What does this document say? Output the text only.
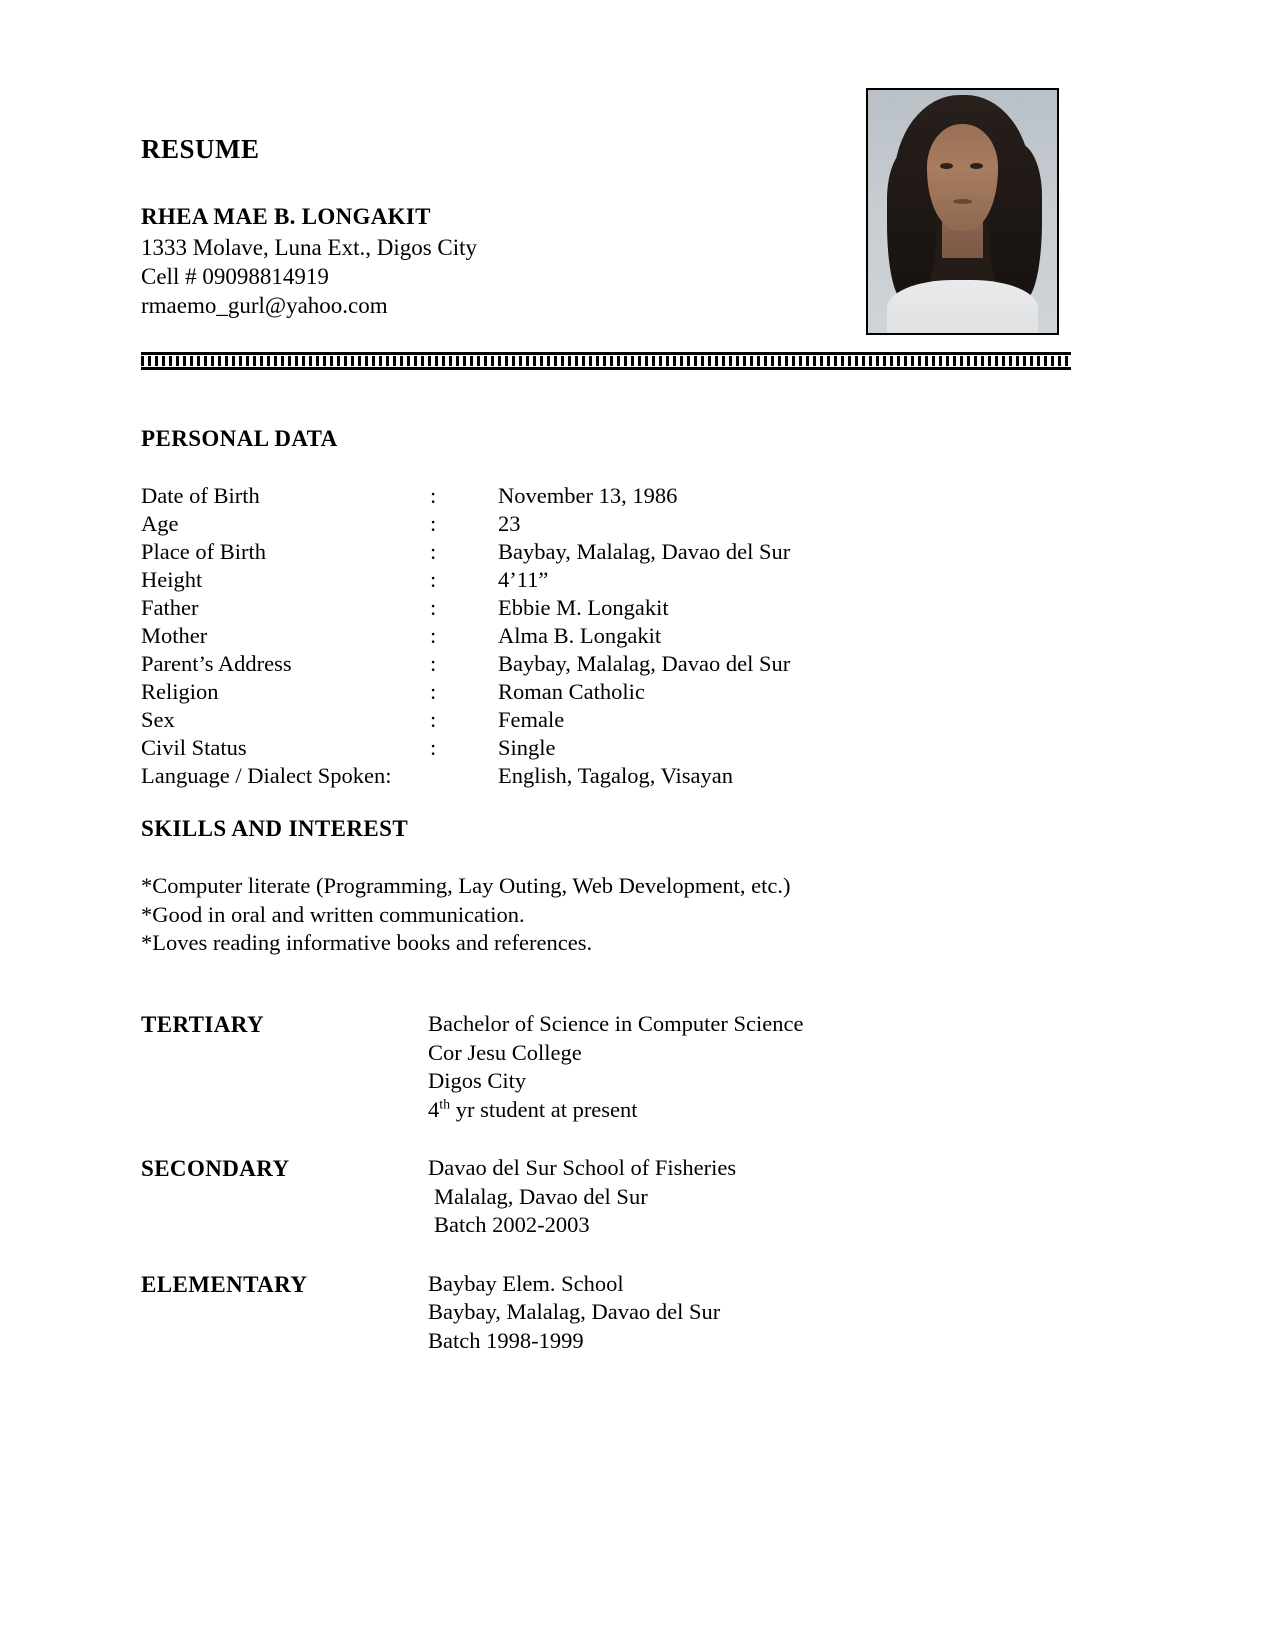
RESUME
RHEA MAE B. LONGAKIT
1333 Molave, Luna Ext., Digos City
Cell # 09098814919
rmaemo_gurl@yahoo.com
PERSONAL DATA
Date of Birth	:	November 13, 1986
Age	:	23
Place of Birth	:	Baybay, Malalag, Davao del Sur
Height	:	4’11”
Father	:	Ebbie M. Longakit
Mother	:	Alma B. Longakit
Parent’s Address	:	Baybay, Malalag, Davao del Sur
Religion	:	Roman Catholic
Sex	:	Female
Civil Status	:	Single
Language / Dialect Spoken:	English, Tagalog, Visayan
SKILLS AND INTEREST
*Computer literate (Programming, Lay Outing, Web Development, etc.)
*Good in oral and written communication.
*Loves reading informative books and references.
TERTIARY	Bachelor of Science in Computer Science
Cor Jesu College
Digos City
4th yr student at present
SECONDARY	Davao del Sur School of Fisheries
Malalag, Davao del Sur
Batch 2002-2003
ELEMENTARY	Baybay Elem. School
Baybay, Malalag, Davao del Sur
Batch 1998-1999
